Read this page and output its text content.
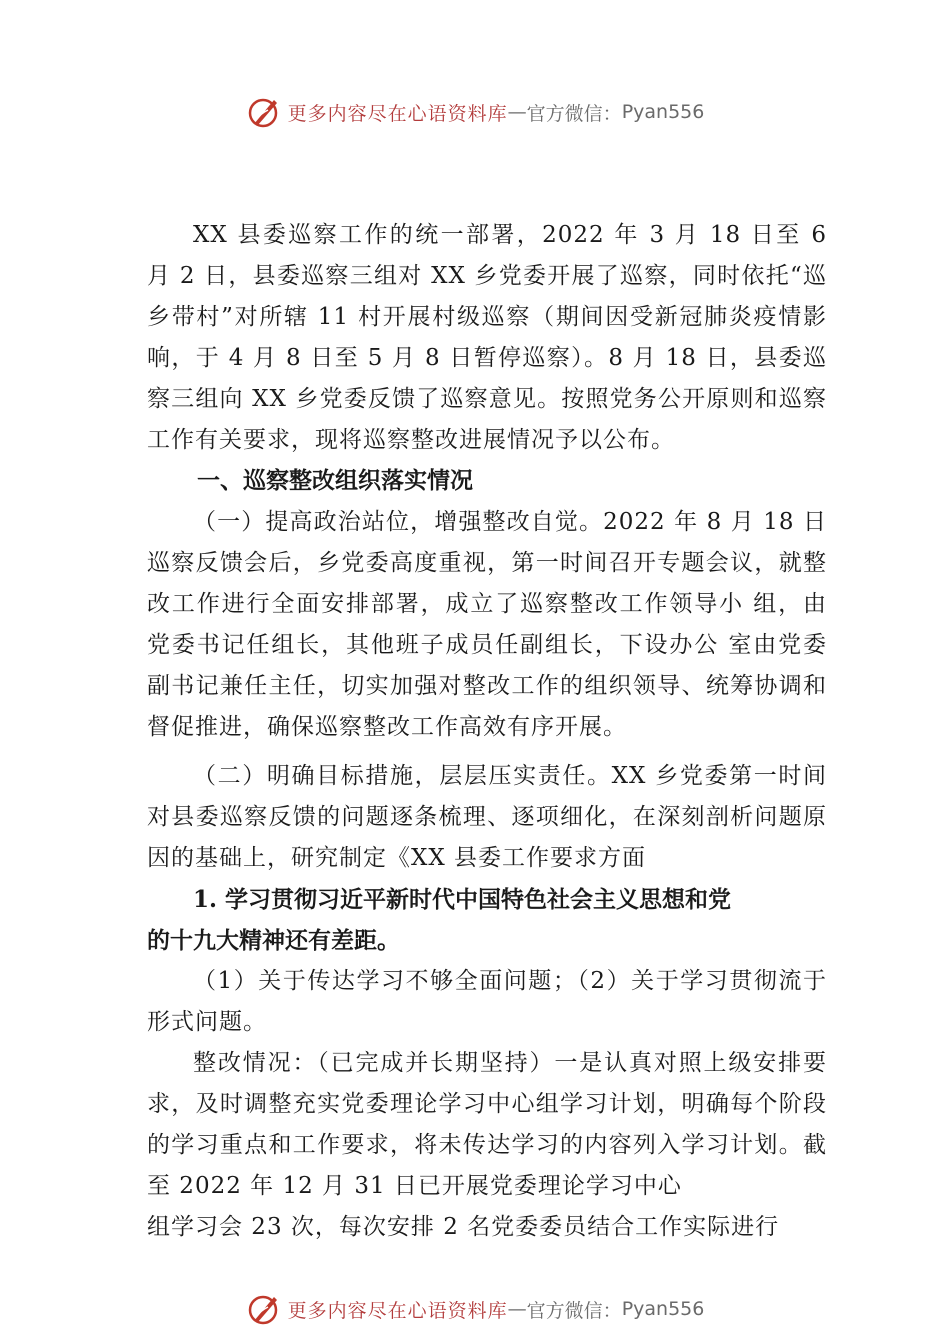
更多内容尽在心语资料库 — 官方微信： Pyan556

XX 县委巡察工作的统一部署，2022 年 3 月 18 日至 6 月 2 日，县委巡察三组对 XX 乡党委开展了巡察，同时依托“巡乡带村”对所辖 11 村开展村级巡察（期间因受新冠肺炎疫情影响，于 4 月 8 日至 5 月 8 日暂停巡察）。8 月 18 日，县委巡察三组向 XX 乡党委反馈了巡察意见。按照党务公开原则和巡察工作有关要求，现将巡察整改进展情况予以公布。

一、巡察整改组织落实情况

（一）提高政治站位，增强整改自觉。2022 年 8 月 18 日巡察反馈会后，乡党委高度重视，第一时间召开专题会议，就整改工作进行全面安排部署，成立了巡察整改工作领导小 组，由党委书记任组长，其他班子成员任副组长，下设办公 室由党委副书记兼任主任，切实加强对整改工作的组织领导、统筹协调和督促推进，确保巡察整改工作高效有序开展。

（二）明确目标措施，层层压实责任。XX 乡党委第一时间对县委巡察反馈的问题逐条梳理、逐项细化，在深刻剖析问题原因的基础上，研究制定《XX 县委工作要求方面

1. 学习贯彻习近平新时代中国特色社会主义思想和党

的十九大精神还有差距。

（1）关于传达学习不够全面问题；（2）关于学习贯彻流于形式问题。

整改情况：（已完成并长期坚持）一是认真对照上级安排要求，及时调整充实党委理论学习中心组学习计划，明确每个阶段的学习重点和工作要求，将未传达学习的内容列入学习计划。截至 2022 年 12 月 31 日已开展党委理论学习中心

组学习会 23 次，每次安排 2 名党委委员结合工作实际进行

更多内容尽在心语资料库 — 官方微信： Pyan556
